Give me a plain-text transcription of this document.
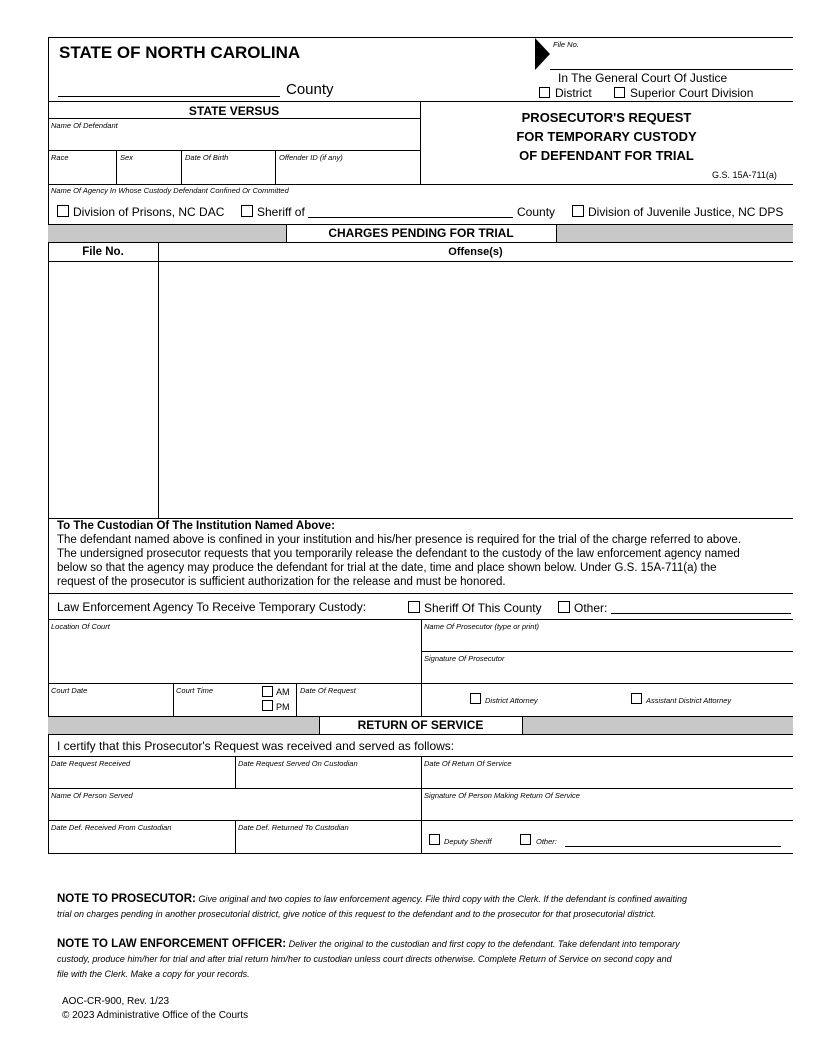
STATE OF NORTH CAROLINA
County
File No.
In The General Court Of Justice
District	Superior Court Division
STATE VERSUS
Name Of Defendant
Race	Sex	Date Of Birth	Offender ID (if any)
PROSECUTOR'S REQUEST
FOR TEMPORARY CUSTODY
OF DEFENDANT FOR TRIAL
G.S. 15A-711(a)
Name Of Agency In Whose Custody Defendant Confined Or Committed
Division of Prisons, NC DAC	Sheriff of	County	Division of Juvenile Justice, NC DPS
CHARGES PENDING FOR TRIAL
File No.	Offense(s)
To The Custodian Of The Institution Named Above:
The defendant named above is confined in your institution and his/her presence is required for the trial of the charge referred to above.
The undersigned prosecutor requests that you temporarily release the defendant to the custody of the law enforcement agency named
below so that the agency may produce the defendant for trial at the date, time and place shown below. Under G.S. 15A-711(a) the
request of the prosecutor is sufficient authorization for the release and must be honored.
Law Enforcement Agency To Receive Temporary Custody:	Sheriff Of This County	Other:
Location Of Court	Name Of Prosecutor (type or print)
Signature Of Prosecutor
Court Date	Court Time	AM
PM
Date Of Request
District Attorney	Assistant District Attorney
RETURN OF SERVICE
I certify that this Prosecutor's Request was received and served as follows:
Date Request Received	Date Request Served On Custodian	Date Of Return Of Service
Name Of Person Served	Signature Of Person Making Return Of Service
Date Def. Received From Custodian	Date Def. Returned To Custodian
Deputy Sheriff	Other:
NOTE TO PROSECUTOR: Give original and two copies to law enforcement agency. File third copy with the Clerk. If the defendant is confined awaiting
trial on charges pending in another prosecutorial district, give notice of this request to the defendant and to the prosecutor for that prosecutorial district.
NOTE TO LAW ENFORCEMENT OFFICER: Deliver the original to the custodian and first copy to the defendant. Take defendant into temporary
custody, produce him/her for trial and after trial return him/her to custodian unless court directs otherwise. Complete Return of Service on second copy and
file with the Clerk. Make a copy for your records.
AOC-CR-900, Rev. 1/23
© 2023 Administrative Office of the Courts
